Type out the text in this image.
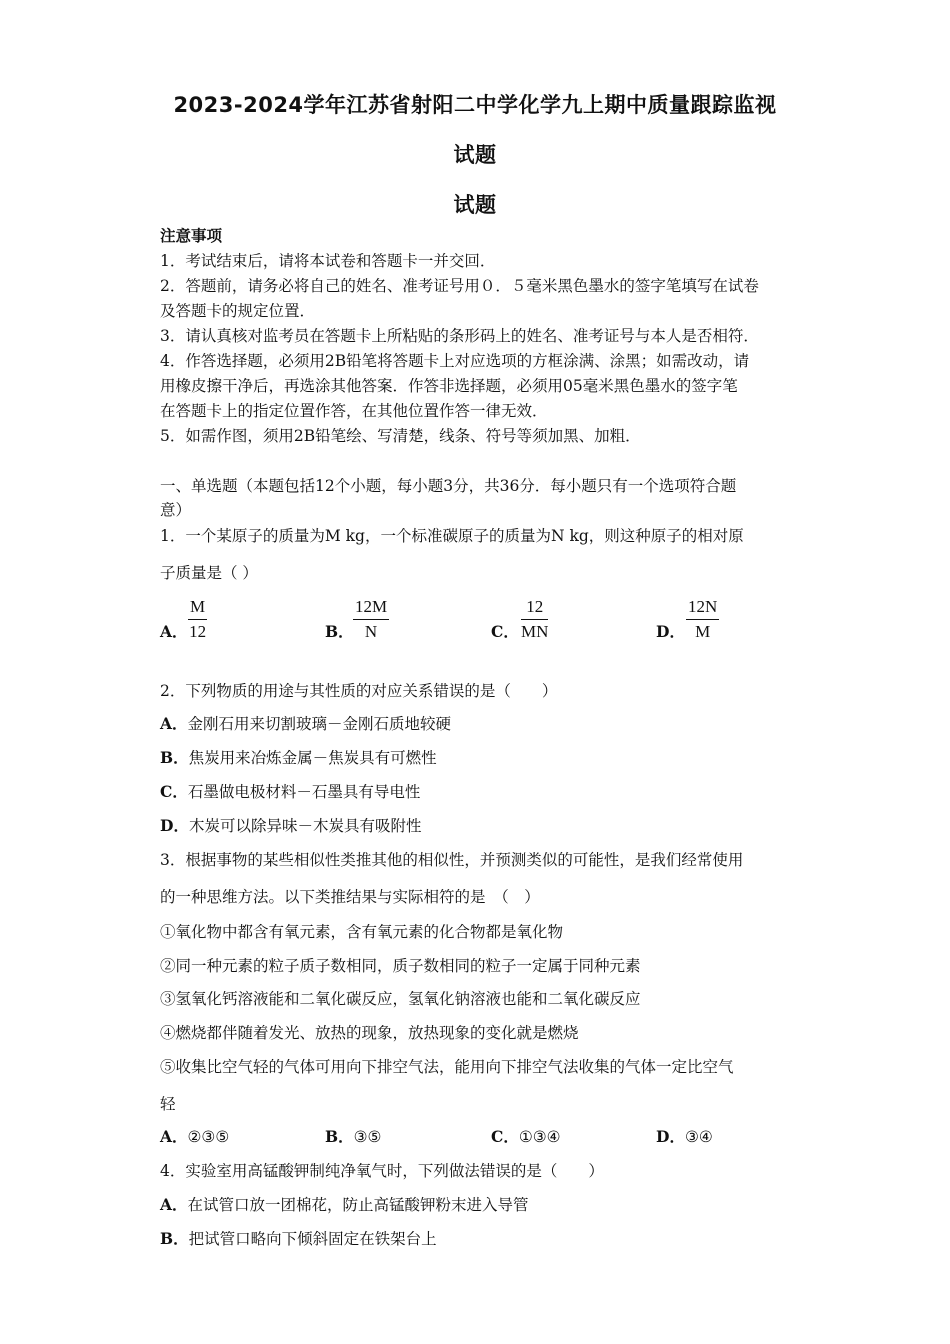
2023-2024学年江苏省射阳二中学化学九上期中质量跟踪监视
试题
试题
注意事项
1．考试结束后，请将本试卷和答题卡一并交回．
2．答题前，请务必将自己的姓名、准考证号用０．５毫米黑色墨水的签字笔填写在试卷
及答题卡的规定位置．
3．请认真核对监考员在答题卡上所粘贴的条形码上的姓名、准考证号与本人是否相符．
4．作答选择题，必须用2B铅笔将答题卡上对应选项的方框涂满、涂黑；如需改动，请
用橡皮擦干净后，再选涂其他答案．作答非选择题，必须用05毫米黑色墨水的签字笔
在答题卡上的指定位置作答，在其他位置作答一律无效．
5．如需作图，须用2B铅笔绘、写清楚，线条、符号等须加黑、加粗．
一、单选题（本题包括12个小题，每小题3分，共36分．每小题只有一个选项符合题
意）
1．一个某原子的质量为M kg，一个标准碳原子的质量为N kg，则这种原子的相对原
子质量是（ ）
A． $\frac{M}{12}$	B． $\frac{12M}{N}$	C． $\frac{12}{MN}$	D． $\frac{12N}{M}$
2．下列物质的用途与其性质的对应关系错误的是（　　）
A．金刚石用来切割玻璃－金刚石质地较硬
B．焦炭用来冶炼金属－焦炭具有可燃性
C．石墨做电极材料－石墨具有导电性
D．木炭可以除异味－木炭具有吸附性
3．根据事物的某些相似性类推其他的相似性，并预测类似的可能性，是我们经常使用
的一种思维方法。以下类推结果与实际相符的是　（　）
①氧化物中都含有氧元素，含有氧元素的化合物都是氧化物
②同一种元素的粒子质子数相同，质子数相同的粒子一定属于同种元素
③氢氧化钙溶液能和二氧化碳反应，氢氧化钠溶液也能和二氧化碳反应
④燃烧都伴随着发光、放热的现象，放热现象的变化就是燃烧
⑤收集比空气轻的气体可用向下排空气法，能用向下排空气法收集的气体一定比空气
轻
A．②③⑤	B．③⑤	C．①③④	D．③④
4．实验室用高锰酸钾制纯净氧气时，下列做法错误的是（　　）
A．在试管口放一团棉花，防止高锰酸钾粉末进入导管
B．把试管口略向下倾斜固定在铁架台上
